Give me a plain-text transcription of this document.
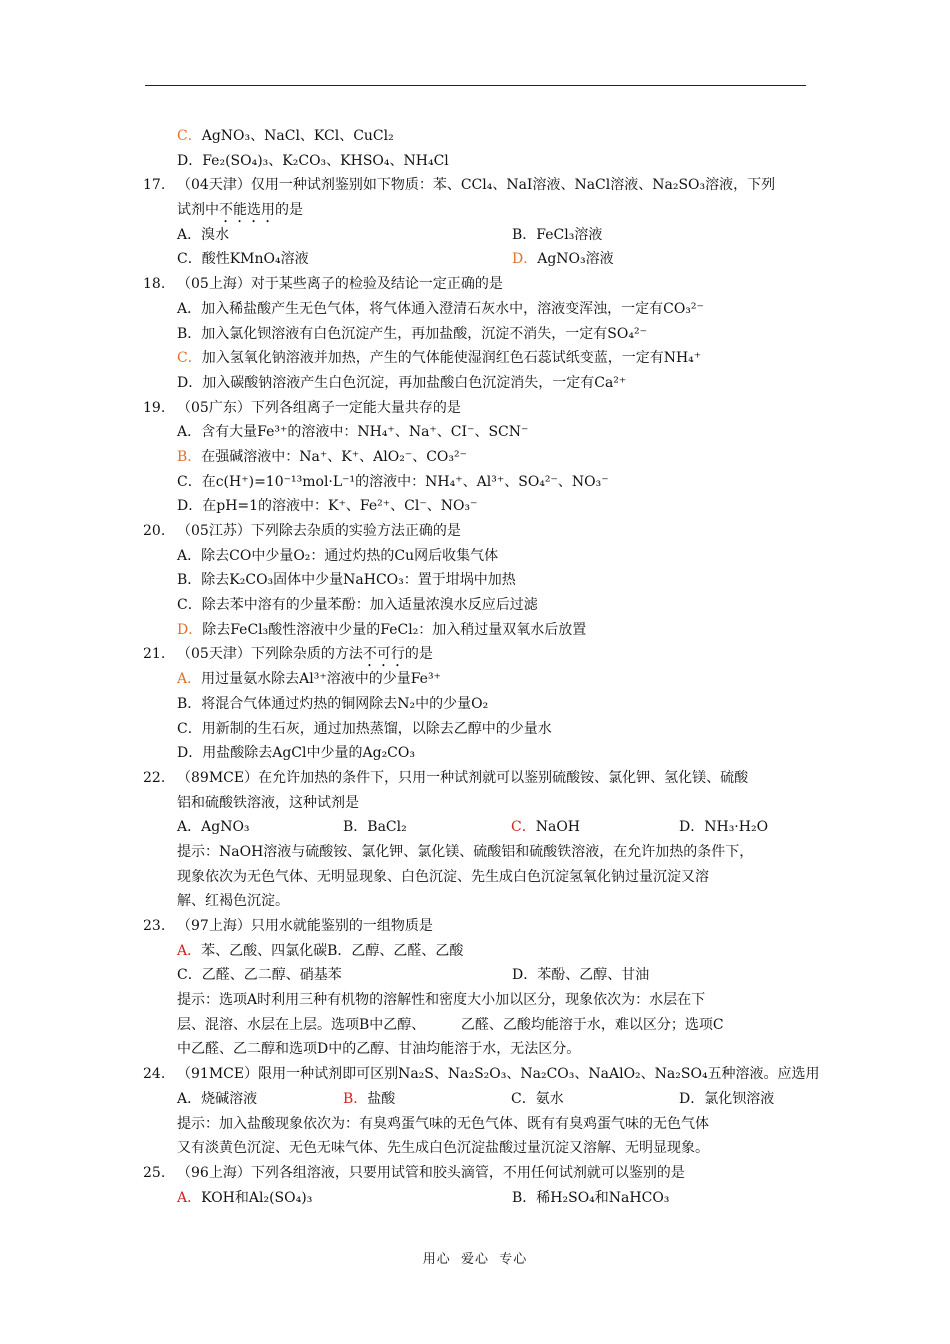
C．AgNO₃、NaCl、KCl、CuCl₂
D．Fe₂(SO₄)₃、K₂CO₃、KHSO₄、NH₄Cl
17. （04天津）仅用一种试剂鉴别如下物质：苯、CCl₄、NaI溶液、NaCl溶液、Na₂SO₃溶液，下列
试剂中不能选用的是
A．溴水	B．FeCl₃溶液
C．酸性KMnO₄溶液	D．AgNO₃溶液
18. （05上海）对于某些离子的检验及结论一定正确的是
A．加入稀盐酸产生无色气体，将气体通入澄清石灰水中，溶液变浑浊，一定有CO₃²⁻
B．加入氯化钡溶液有白色沉淀产生，再加盐酸，沉淀不消失，一定有SO₄²⁻
C．加入氢氧化钠溶液并加热，产生的气体能使湿润红色石蕊试纸变蓝，一定有NH₄⁺
D．加入碳酸钠溶液产生白色沉淀，再加盐酸白色沉淀消失，一定有Ca²⁺
19. （05广东）下列各组离子一定能大量共存的是
A．含有大量Fe³⁺的溶液中：NH₄⁺、Na⁺、CI⁻、SCN⁻
B．在强碱溶液中：Na⁺、K⁺、AlO₂⁻、CO₃²⁻
C．在c(H⁺)=10⁻¹³mol·L⁻¹的溶液中：NH₄⁺、Al³⁺、SO₄²⁻、NO₃⁻
D．在pH=1的溶液中：K⁺、Fe²⁺、Cl⁻、NO₃⁻
20. （05江苏）下列除去杂质的实验方法正确的是
A．除去CO中少量O₂：通过灼热的Cu网后收集气体
B．除去K₂CO₃固体中少量NaHCO₃：置于坩埚中加热
C．除去苯中溶有的少量苯酚：加入适量浓溴水反应后过滤
D．除去FeCl₃酸性溶液中少量的FeCl₂：加入稍过量双氧水后放置
21. （05天津）下列除杂质的方法不可行的是
A．用过量氨水除去Al³⁺溶液中的少量Fe³⁺
B．将混合气体通过灼热的铜网除去N₂中的少量O₂
C．用新制的生石灰，通过加热蒸馏，以除去乙醇中的少量水
D．用盐酸除去AgCl中少量的Ag₂CO₃
22. （89MCE）在允许加热的条件下，只用一种试剂就可以鉴别硫酸铵、氯化钾、氢化镁、硫酸
铝和硫酸铁溶液，这种试剂是
A．AgNO₃	B．BaCl₂	C．NaOH	D．NH₃·H₂O
提示：NaOH溶液与硫酸铵、氯化钾、氯化镁、硫酸铝和硫酸铁溶液，在允许加热的条件下，
现象依次为无色气体、无明显现象、白色沉淀、先生成白色沉淀氢氧化钠过量沉淀又溶
解、红褐色沉淀。
23. （97上海）只用水就能鉴别的一组物质是
A．苯、乙酸、四氯化碳B．乙醇、乙醛、乙酸
C．乙醛、乙二醇、硝基苯	D．苯酚、乙醇、甘油
提示：选项A时利用三种有机物的溶解性和密度大小加以区分，现象依次为：水层在下
层、混溶、水层在上层。选项B中乙醇、        乙醛、乙酸均能溶于水，难以区分；选项C
中乙醛、乙二醇和选项D中的乙醇、甘油均能溶于水，无法区分。
24. （91MCE）限用一种试剂即可区别Na₂S、Na₂S₂O₃、Na₂CO₃、NaAlO₂、Na₂SO₄五种溶液。应选用
A．烧碱溶液	B．盐酸	C．氨水	D．氯化钡溶液
提示：加入盐酸现象依次为：有臭鸡蛋气味的无色气体、既有有臭鸡蛋气味的无色气体
又有淡黄色沉淀、无色无味气体、先生成白色沉淀盐酸过量沉淀又溶解、无明显现象。
25. （96上海）下列各组溶液，只要用试管和胶头滴管，不用任何试剂就可以鉴别的是
A．KOH和Al₂(SO₄)₃	B．稀H₂SO₄和NaHCO₃
用心  爱心  专心
